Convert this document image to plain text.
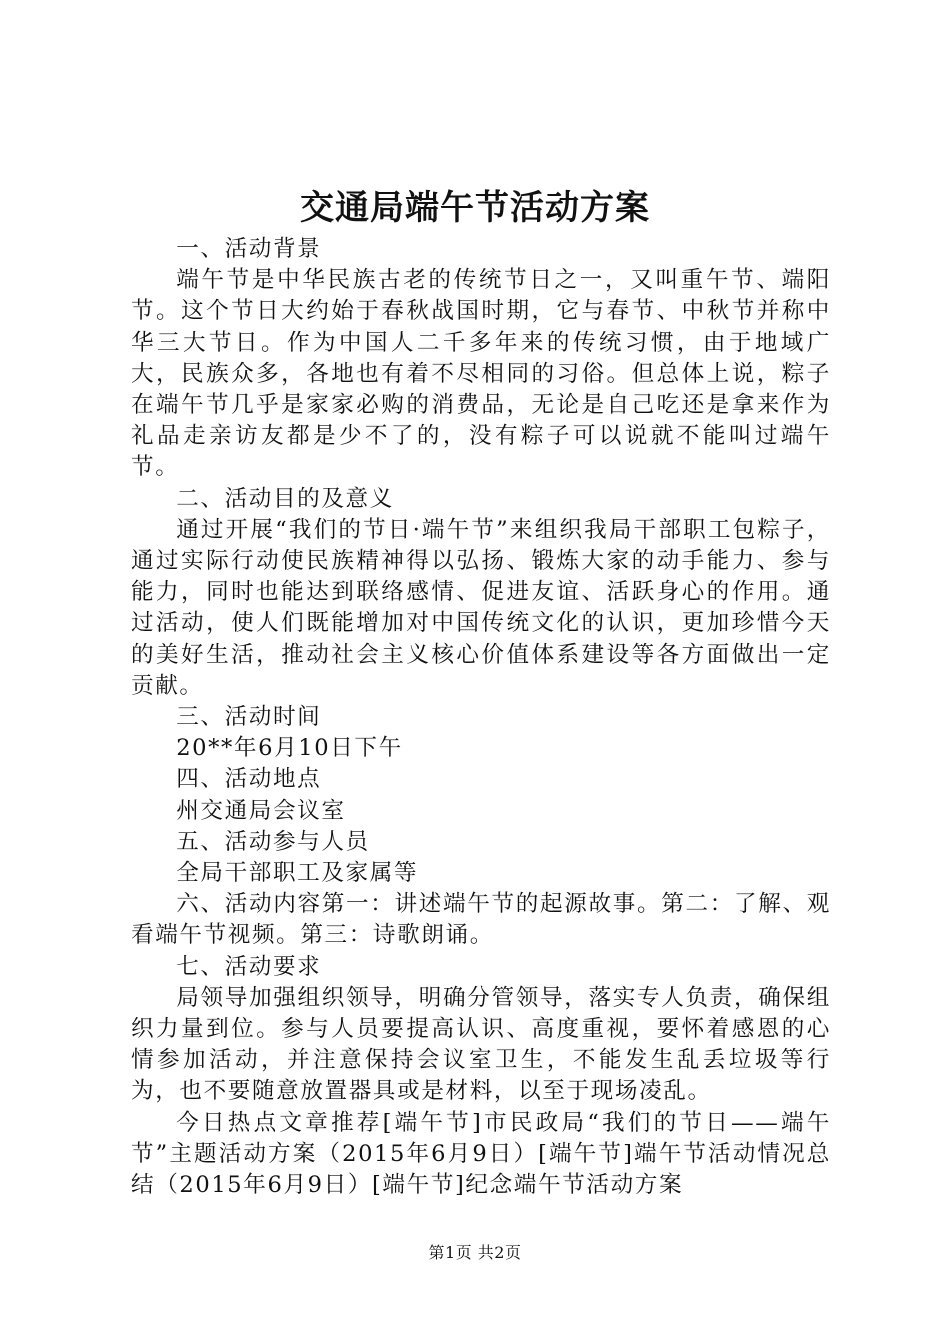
交通局端午节活动方案

一、活动背景

端午节是中华民族古老的传统节日之一，又叫重午节、端阳节。这个节日大约始于春秋战国时期，它与春节、中秋节并称中华三大节日。作为中国人二千多年来的传统习惯，由于地域广大，民族众多，各地也有着不尽相同的习俗。但总体上说，粽子在端午节几乎是家家必购的消费品，无论是自己吃还是拿来作为礼品走亲访友都是少不了的，没有粽子可以说就不能叫过端午节。

二、活动目的及意义

通过开展“我们的节日·端午节”来组织我局干部职工包粽子，通过实际行动使民族精神得以弘扬、锻炼大家的动手能力、参与能力，同时也能达到联络感情、促进友谊、活跃身心的作用。通过活动，使人们既能增加对中国传统文化的认识，更加珍惜今天的美好生活，推动社会主义核心价值体系建设等各方面做出一定贡献。

三、活动时间

20**年6月10日下午

四、活动地点

州交通局会议室

五、活动参与人员

全局干部职工及家属等

六、活动内容第一：讲述端午节的起源故事。第二：了解、观看端午节视频。第三：诗歌朗诵。

七、活动要求

局领导加强组织领导，明确分管领导，落实专人负责，确保组织力量到位。参与人员要提高认识、高度重视，要怀着感恩的心情参加活动，并注意保持会议室卫生，不能发生乱丢垃圾等行为，也不要随意放置器具或是材料，以至于现场凌乱。

今日热点文章推荐[端午节]市民政局“我们的节日——端午节”主题活动方案（2015年6月9日）[端午节]端午节活动情况总结（2015年6月9日）[端午节]纪念端午节活动方案

第1页 共2页
